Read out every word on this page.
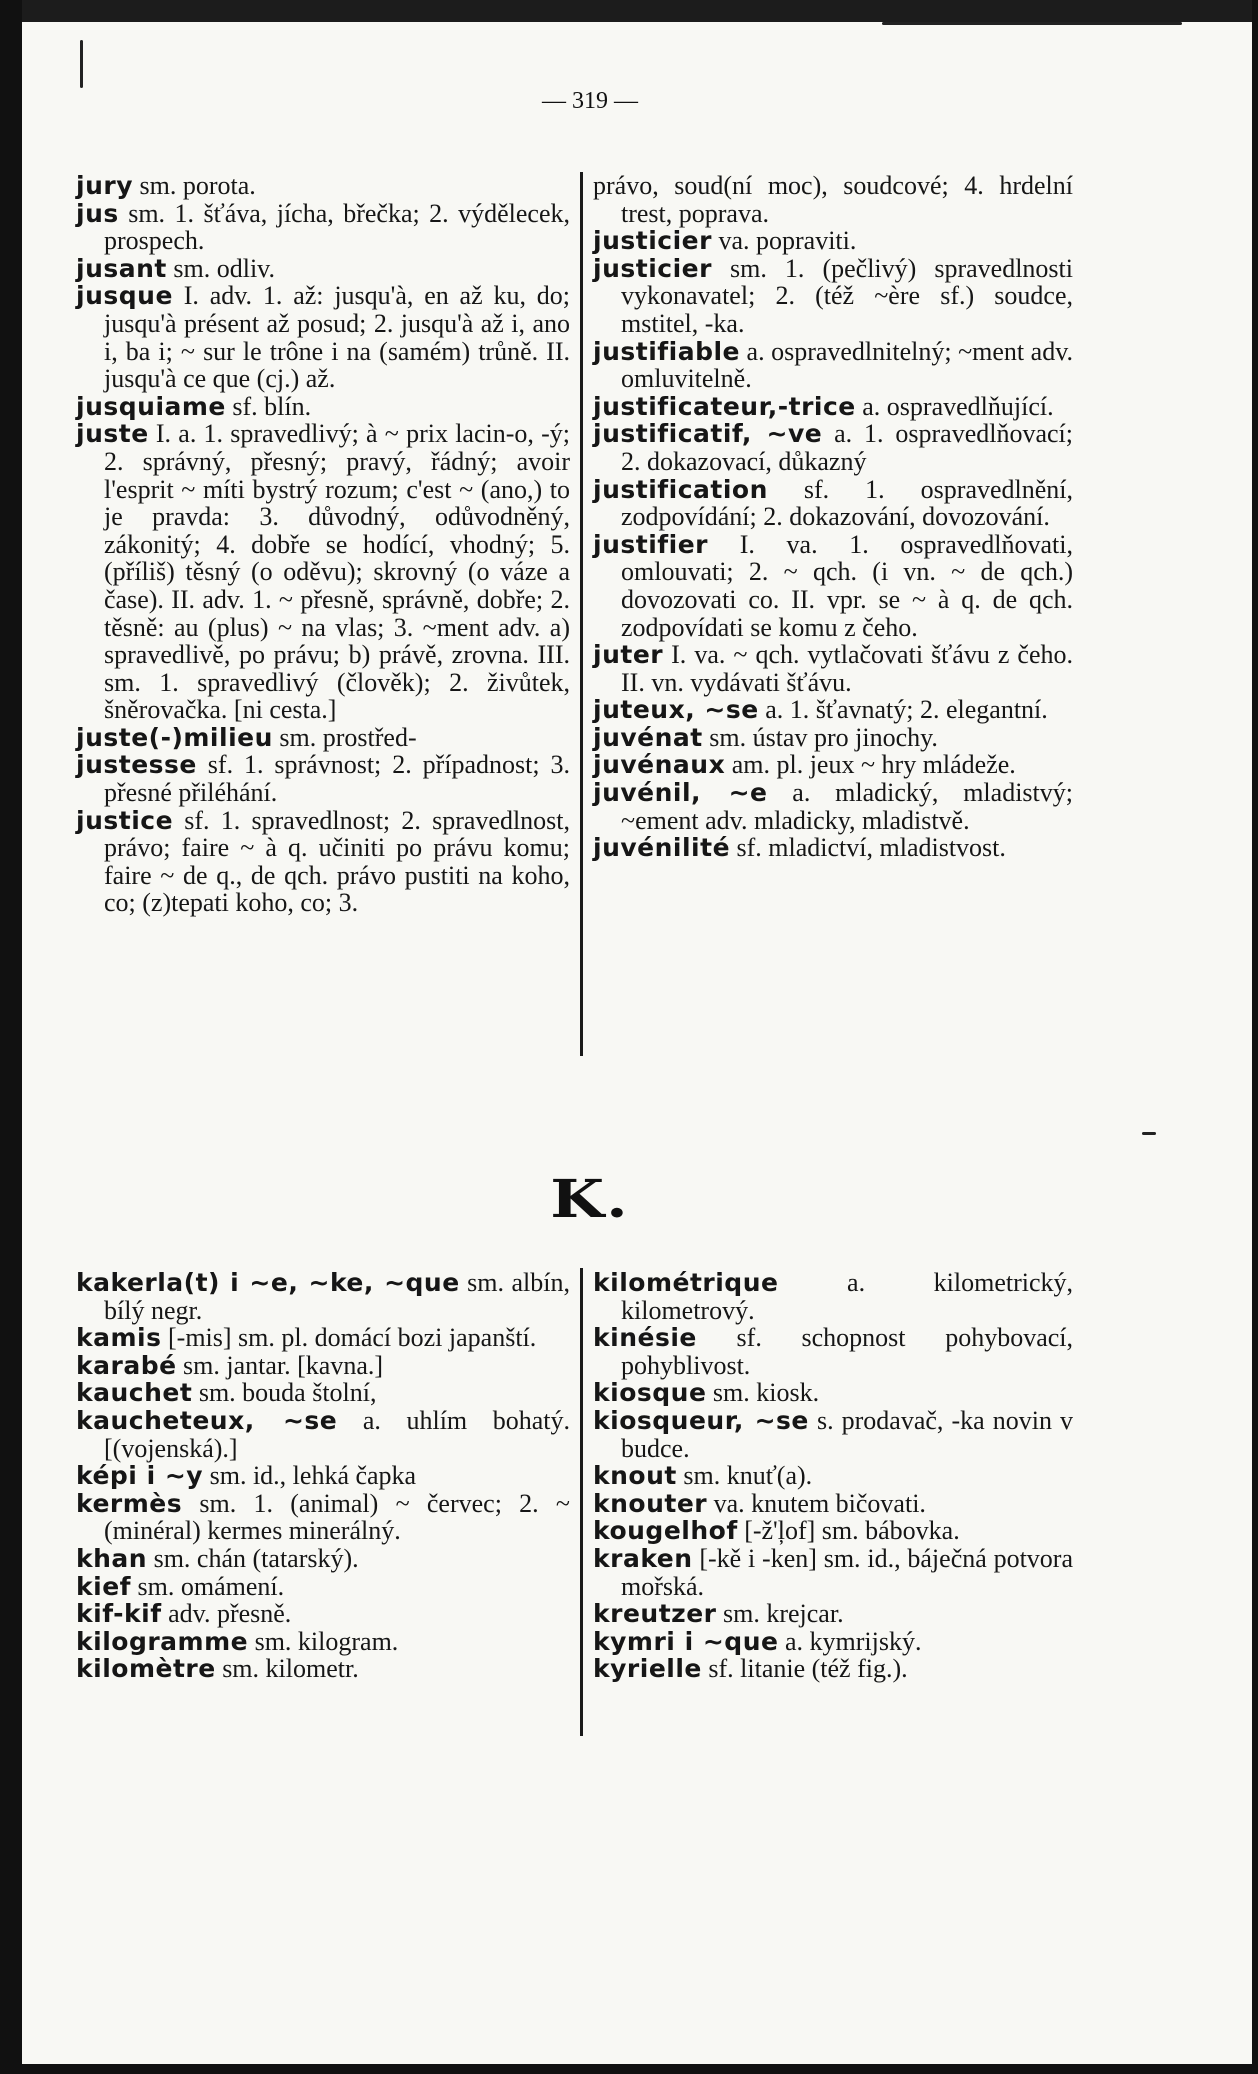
— 319 —

jury sm. porota.

jus sm. 1. šťáva, jícha, břečka; 2. výdělecek, prospech.

jusant sm. odliv.

jusque I. adv. 1. až: jusqu'à, en až ku, do; jusqu'à présent až posud; 2. jusqu'à až i, ano i, ba i; ~ sur le trône i na (samém) trůně. II. jusqu'à ce que (cj.) až.

jusquiame sf. blín.

juste I. a. 1. spravedlivý; à ~ prix lacin-o, -ý; 2. správný, přesný; pravý, řádný; avoir l'esprit ~ míti bystrý rozum; c'est ~ (ano,) to je pravda: 3. důvodný, odůvodněný, zákonitý; 4. dobře se hodící, vhodný; 5. (příliš) těsný (o oděvu); skrovný (o váze a čase). II. adv. 1. ~ přesně, správně, dobře; 2. těsně: au (plus) ~ na vlas; 3. ~ment adv. a) spravedlivě, po právu; b) právě, zrovna. III. sm. 1. spravedlivý (člověk); 2. živůtek, šněrovačka. [ni cesta.]

juste(-)milieu sm. prostřed-

justesse sf. 1. správnost; 2. případnost; 3. přesné přiléhání.

justice sf. 1. spravedlnost; 2. spravedlnost, právo; faire ~ à q. učiniti po právu komu; faire ~ de q., de qch. právo pustiti na koho, co; (z)tepati koho, co; 3.

právo, soud(ní moc), soudcové; 4. hrdelní trest, poprava.

justicier va. popraviti.

justicier sm. 1. (pečlivý) spravedlnosti vykonavatel; 2. (též ~ère sf.) soudce, mstitel, -ka.

justifiable a. ospravedlnitelný; ~ment adv. omluvitelně.

justificateur,-trice a. ospravedlňující.

justificatif, ~ve a. 1. ospravedlňovací; 2. dokazovací, důkazný

justification sf. 1. ospravedlnění, zodpovídání; 2. dokazování, dovozování.

justifier I. va. 1. ospravedlňovati, omlouvati; 2. ~ qch. (i vn. ~ de qch.) dovozovati co. II. vpr. se ~ à q. de qch. zodpovídati se komu z čeho.

juter I. va. ~ qch. vytlačovati šťávu z čeho. II. vn. vydávati šťávu.

juteux, ~se a. 1. šťavnatý; 2. elegantní.

juvénat sm. ústav pro jinochy.

juvénaux am. pl. jeux ~ hry mládeže.

juvénil, ~e a. mladický, mladistvý; ~ement adv. mladicky, mladistvě.

juvénilité sf. mladictví, mladistvost.

K.

kakerla(t) i ~e, ~ke, ~que sm. albín, bílý negr.

kamis [-mis] sm. pl. domácí bozi japanští.

karabé sm. jantar. [kavna.]

kauchet sm. bouda štolní,

kaucheteux, ~se a. uhlím bohatý. [(vojenská).]

képi i ~y sm. id., lehká čapka

kermès sm. 1. (animal) ~ červec; 2. ~ (minéral) kermes minerálný.

khan sm. chán (tatarský).

kief sm. omámení.

kif-kif adv. přesně.

kilogramme sm. kilogram.

kilomètre sm. kilometr.

kilométrique	a. kilometrický, kilometrový.

kinésie sf. schopnost pohybovací, pohyblivost.

kiosque sm. kiosk.

kiosqueur, ~se s. prodavač, -ka novin v budce.

knout sm. knuť(a).

knouter va. knutem bičovati.

kougelhof [-ž'ļof] sm. bábovka.

kraken [-kě i -ken] sm. id., báječná potvora mořská.

kreutzer sm. krejcar.

kymri i ~que a. kymrijský.

kyrielle sf. litanie (též fig.).
